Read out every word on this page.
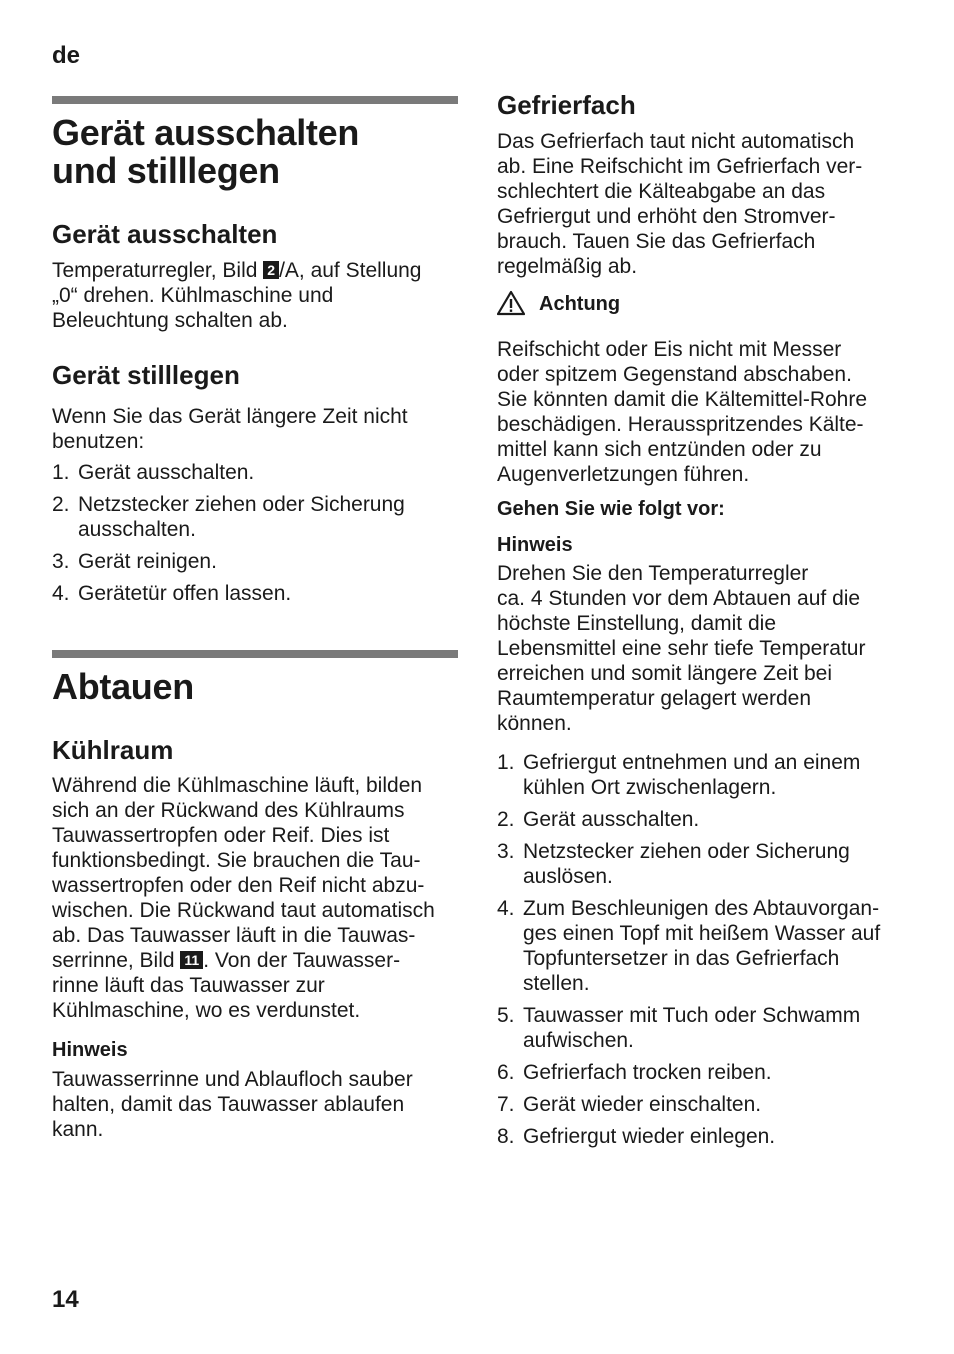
de
14
Gerät ausschalten
und stilllegen
Gerät ausschalten

Temperaturregler, Bild 2 /A, auf Stellung

„0“ drehen. Kühlmaschine und

Beleuchtung schalten ab.

Gerät stilllegen

Wenn Sie das Gerät längere Zeit nicht

benutzen:

1. Gerät ausschalten.
2. Netzstecker ziehen oder Sicherung
ausschalten.
3. Gerät reinigen.
4. Gerätetür offen lassen.
Abtauen
Kühlraum

Während die Kühlmaschine läuft, bilden

sich an der Rückwand des Kühlraums

Tauwassertropfen oder Reif. Dies ist

funktionsbedingt. Sie brauchen die Tau-

wassertropfen oder den Reif nicht abzu-

wischen. Die Rückwand taut automatisch

ab. Das Tauwasser läuft in die Tauwas-

serrinne, Bild 11 . Von der Tauwasser-

rinne läuft das Tauwasser zur

Kühlmaschine, wo es verdunstet.

Hinweis

Tauwasserrinne und Ablaufloch sauber

halten, damit das Tauwasser ablaufen

kann.

Gefrierfach

Das Gefrierfach taut nicht automatisch

ab. Eine Reifschicht im Gefrierfach ver-

schlechtert die Kälteabgabe an das

Gefriergut und erhöht den Stromver-

brauch. Tauen Sie das Gefrierfach

regelmäßig ab.

Achtung

Reifschicht oder Eis nicht mit Messer

oder spitzem Gegenstand abschaben.

Sie könnten damit die Kältemittel-Rohre

beschädigen. Herausspritzendes Kälte-

mittel kann sich entzünden oder zu

Augenverletzungen führen.

Gehen Sie wie folgt vor:
Hinweis

Drehen Sie den Temperaturregler

ca. 4 Stunden vor dem Abtauen auf die

höchste Einstellung, damit die

Lebensmittel eine sehr tiefe Temperatur

erreichen und somit längere Zeit bei

Raumtemperatur gelagert werden

können.

1. Gefriergut entnehmen und an einem
kühlen Ort zwischenlagern.
2. Gerät ausschalten.
3. Netzstecker ziehen oder Sicherung
auslösen.
4. Zum Beschleunigen des Abtauvorgan-
ges einen Topf mit heißem Wasser auf
Topfuntersetzer in das Gefrierfach
stellen.
5. Tauwasser mit Tuch oder Schwamm
aufwischen.
6. Gefrierfach trocken reiben.
7. Gerät wieder einschalten.
8. Gefriergut wieder einlegen.
